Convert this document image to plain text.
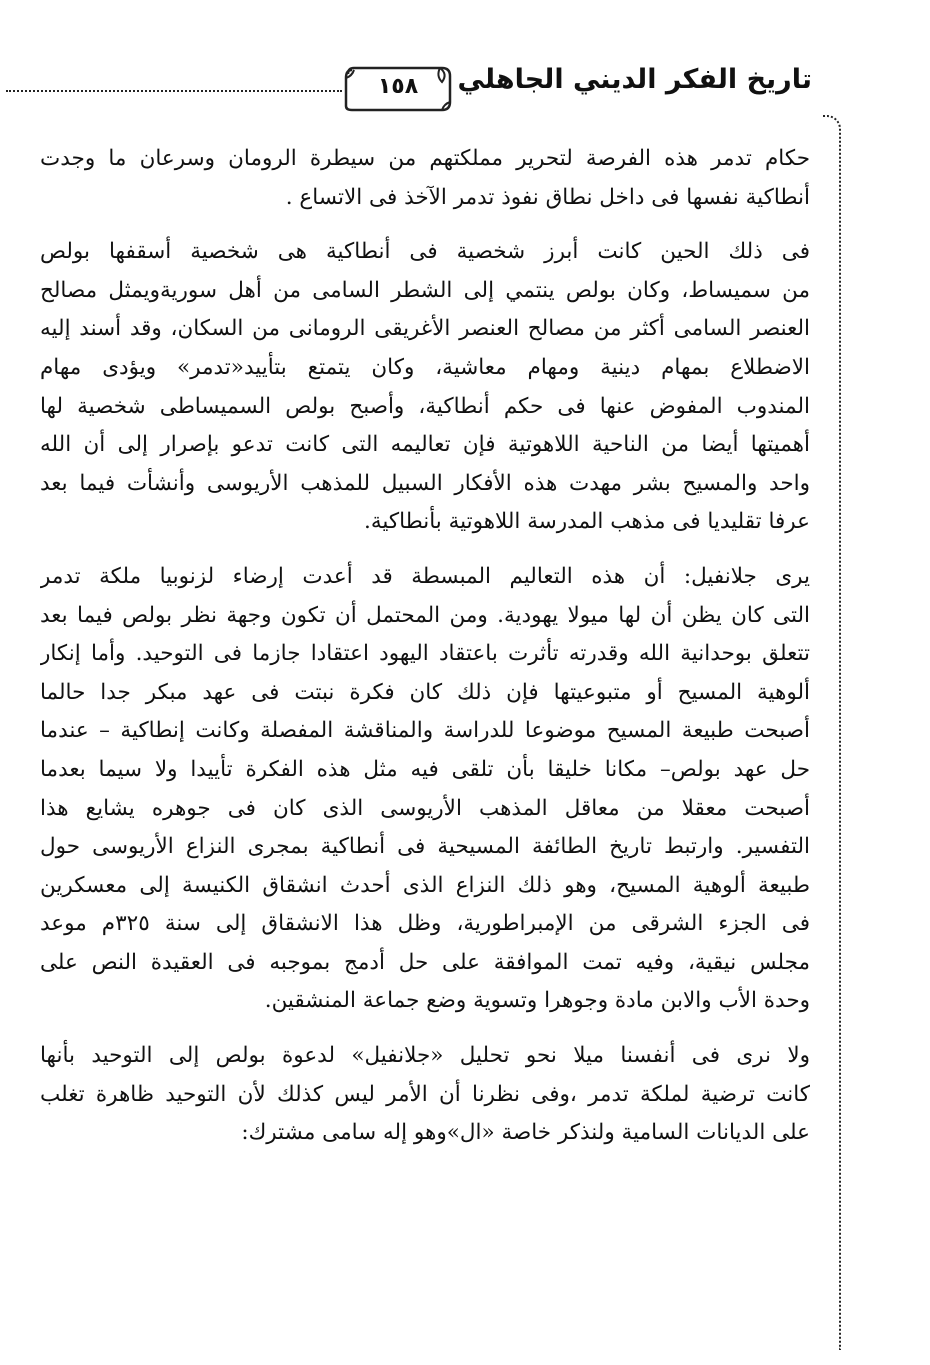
١٥٨	تاريخ الفكر الديني الجاهلي

حكام تدمر هذه الفرصة لتحرير مملكتهم من سيطرة الرومان وسرعان ما وجدت
أنطاكية نفسها فى داخل نطاق نفوذ تدمر الآخذ فى الاتساع .

فى ذلك الحين كانت أبرز شخصية فى أنطاكية هى شخصية أسقفها بولص
من سميساط، وكان بولص ينتمي إلى الشطر السامى من أهل سوريةويمثل مصالح
العنصر السامى أكثر من مصالح العنصر الأغريقى الرومانى من السكان، وقد أسند إليه
الاضطلاع بمهام دينية ومهام معاشية، وكان يتمتع بتأييد«تدمر» ويؤدى مهام
المندوب المفوض عنها فى حكم أنطاكية، وأصبح بولص السميساطى شخصية لها
أهميتها أيضا من الناحية اللاهوتية فإن تعاليمه التى كانت تدعو بإصرار إلى أن الله
واحد والمسيح بشر مهدت هذه الأفكار السبيل للمذهب الأريوسى وأنشأت فيما بعد
عرفا تقليديا فى مذهب المدرسة اللاهوتية بأنطاكية.

يرى جلانفيل: أن هذه التعاليم المبسطة قد أعدت إرضاء لزنوبيا ملكة تدمر
التى كان يظن أن لها ميولا يهودية. ومن المحتمل أن تكون وجهة نظر بولص فيما بعد
تتعلق بوحدانية الله وقدرته تأثرت باعتقاد اليهود اعتقادا جازما فى التوحيد. وأما إنكار
ألوهية المسيح أو متبوعيتها فإن ذلك كان فكرة نبتت فى عهد مبكر جدا حالما
أصبحت طبيعة المسيح موضوعا للدراسة والمناقشة المفصلة وكانت إنطاكية – عندما
حل عهد بولص– مكانا خليقا بأن تلقى فيه مثل هذه الفكرة تأييدا ولا سيما بعدما
أصبحت معقلا من معاقل المذهب الأريوسى الذى كان فى جوهره يشايع هذا
التفسير. وارتبط تاريخ الطائفة المسيحية فى أنطاكية بمجرى النزاع الأريوسى حول
طبيعة ألوهية المسيح، وهو ذلك النزاع الذى أحدث انشقاق الكنيسة إلى معسكرين
فى الجزء الشرقى من الإمبراطورية، وظل هذا الانشقاق إلى سنة ٣٢٥م موعد
مجلس نيقية، وفيه تمت الموافقة على حل أدمج بموجبه فى العقيدة النص على
وحدة الأب والابن مادة وجوهرا وتسوية وضع جماعة المنشقين.

ولا نرى فى أنفسنا ميلا نحو تحليل «جلانفيل» لدعوة بولص إلى التوحيد بأنها
كانت ترضية لملكة تدمر ،وفى نظرنا أن الأمر ليس كذلك لأن التوحيد ظاهرة تغلب
على الديانات السامية ولنذكر خاصة «ال»وهو إله سامى مشترك:
